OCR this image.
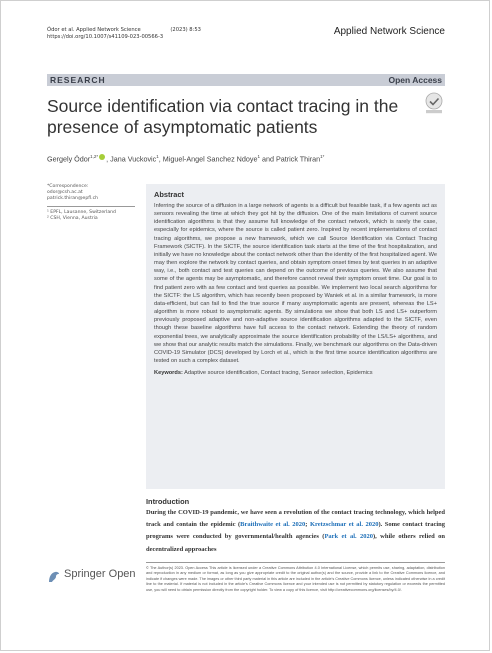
Ódor et al. Applied Network Science	(2023) 8:53
https://doi.org/10.1007/s41109-023-00566-3	Applied Network Science
RESEARCH	Open Access
Source identification via contact tracing in the presence of asymptomatic patients
Gergely Ódor$^{1,2*}$ , Jana Vuckovic$^1$, Miguel-Angel Sanchez Ndoye$^1$ and Patrick Thiran$^{1*}$
*Correspondence:
odor@csh.ac.at
patrick.thiran@epfl.ch
¹ EPFL, Lausanne, Switzerland
² CSH, Vienna, Austria
Abstract

Inferring the source of a diffusion in a large network of agents is a difficult but feasible task, if a few agents act as sensors revealing the time at which they got hit by the diffusion. One of the main limitations of current source identification algorithms is that they assume full knowledge of the contact network, which is rarely the case, especially for epidemics, where the source is called patient zero. Inspired by recent implementations of contact tracing algorithms, we propose a new framework, which we call Source Identification via Contact Tracing Framework (SICTF). In the SICTF, the source identification task starts at the time of the first hospitalization, and initially we have no knowledge about the contact network other than the identity of the first hospitalized agent. We may then explore the network by contact queries, and obtain symptom onset times by test queries in an adaptive way, i.e., both contact and test queries can depend on the outcome of previous queries. We also assume that some of the agents may be asymptomatic, and therefore cannot reveal their symptom onset time. Our goal is to find patient zero with as few contact and test queries as possible. We implement two local search algorithms for the SICTF: the LS algorithm, which has recently been proposed by Waniek et al. in a similar framework, is more data-efficient, but can fail to find the true source if many asymptomatic agents are present, whereas the LS+ algorithm is more robust to asymptomatic agents. By simulations we show that both LS and LS+ outperform previously proposed adaptive and non-adaptive source identification algorithms adapted to the SICTF, even though these baseline algorithms have full access to the contact network. Extending the theory of random exponential trees, we analytically approximate the source identification probability of the LS/LS+ algorithms, and we show that our analytic results match the simulations. Finally, we benchmark our algorithms on the Data-driven COVID-19 Simulator (DCS) developed by Lorch et al., which is the first time source identification algorithms are tested on such a complex dataset.

Keywords: Adaptive source identification, Contact tracing, Sensor selection, Epidemics
Introduction
During the COVID-19 pandemic, we have seen a revolution of the contact tracing technology, which helped track and contain the epidemic (Braithwaite et al. 2020; Kretzschmar et al. 2020). Some contact tracing programs were conducted by governmental/health agencies (Park et al. 2020), while others relied on decentralized approaches
Springer Open	© The Author(s) 2023. Open Access This article is licensed under a Creative Commons Attribution 4.0 International License, which permits use, sharing, adaptation, distribution and reproduction in any medium or format, as long as you give appropriate credit to the original author(s) and the source, provide a link to the Creative Commons licence, and indicate if changes were made. The images or other third party material in this article are included in the article's Creative Commons licence, unless indicated otherwise in a credit line to the material. If material is not included in the article's Creative Commons licence and your intended use is not permitted by statutory regulation or exceeds the permitted use, you will need to obtain permission directly from the copyright holder. To view a copy of this licence, visit http://creativecommons.org/licenses/by/4.0/.
